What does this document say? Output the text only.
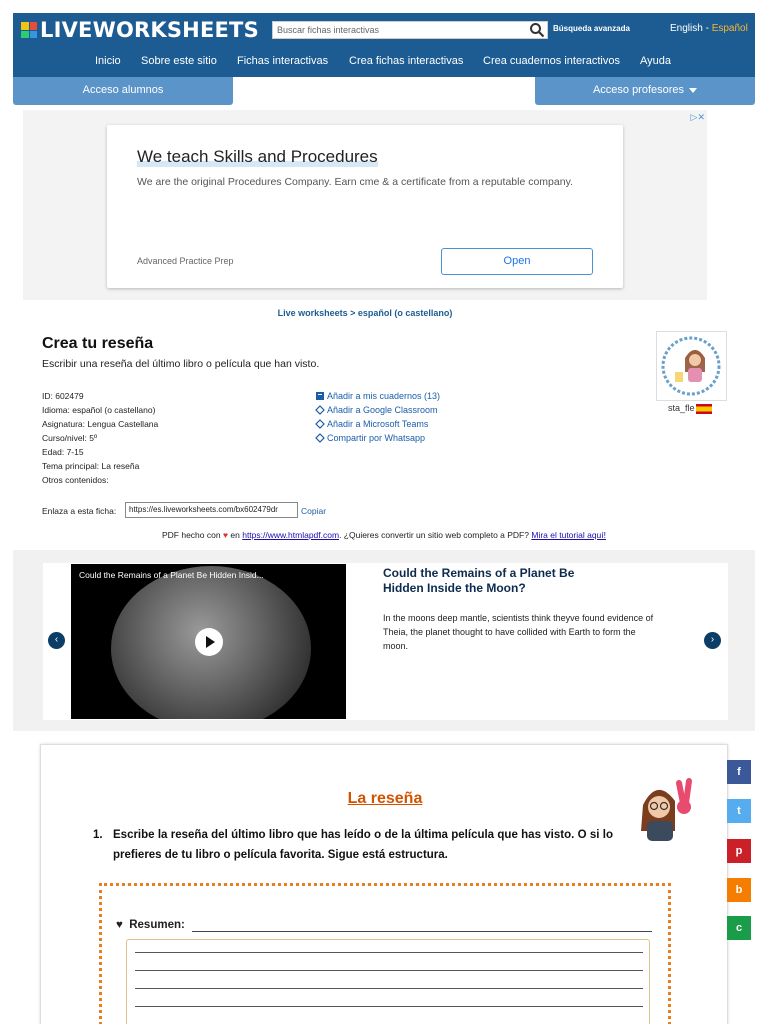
LIVEWORKSHEETS	Buscar fichas interactivas	Búsqueda avanzada	English - Español
Inicio Sobre este sitio Fichas interactivas Crea fichas interactivas Crea cuadernos interactivos Ayuda
Acceso alumnos	Acceso profesores
▷✕
We teach Skills and Procedures
We are the original Procedures Company. Earn cme & a certificate from a reputable company.
Advanced Practice Prep	Open
Live worksheets > español (o castellano)
Crea tu reseña
Escribir una reseña del último libro o película que han visto.
ID: 602479
Idioma: español (o castellano)
Asignatura: Lengua Castellana
Curso/nivel: 5º
Edad: 7-15
Tema principal: La reseña
Otros contenidos:
Añadir a mis cuadernos (13)
Añadir a Google Classroom
Añadir a Microsoft Teams
Compartir por Whatsapp
sta_fle
Enlaza a esta ficha:	https://es.liveworksheets.com/bx602479dr	Copiar
PDF hecho con ♥ en https://www.htmlapdf.com. ¿Quieres convertir un sitio web completo a PDF? Mira el tutorial aquí!
Could the Remains of a Planet Be Hidden Insid...	Could the Remains of a Planet Be Hidden Inside the Moon?
In the moons deep mantle, scientists think theyve found evidence of Theia, the planet thought to have collided with Earth to form the moon.
‹	›
La reseña
1. Escribe la reseña del último libro que has leído o de la última película que has visto. O si lo prefieres de tu libro o película favorita. Sigue está estructura.
♥ Resumen:
f
t
p
b
c
